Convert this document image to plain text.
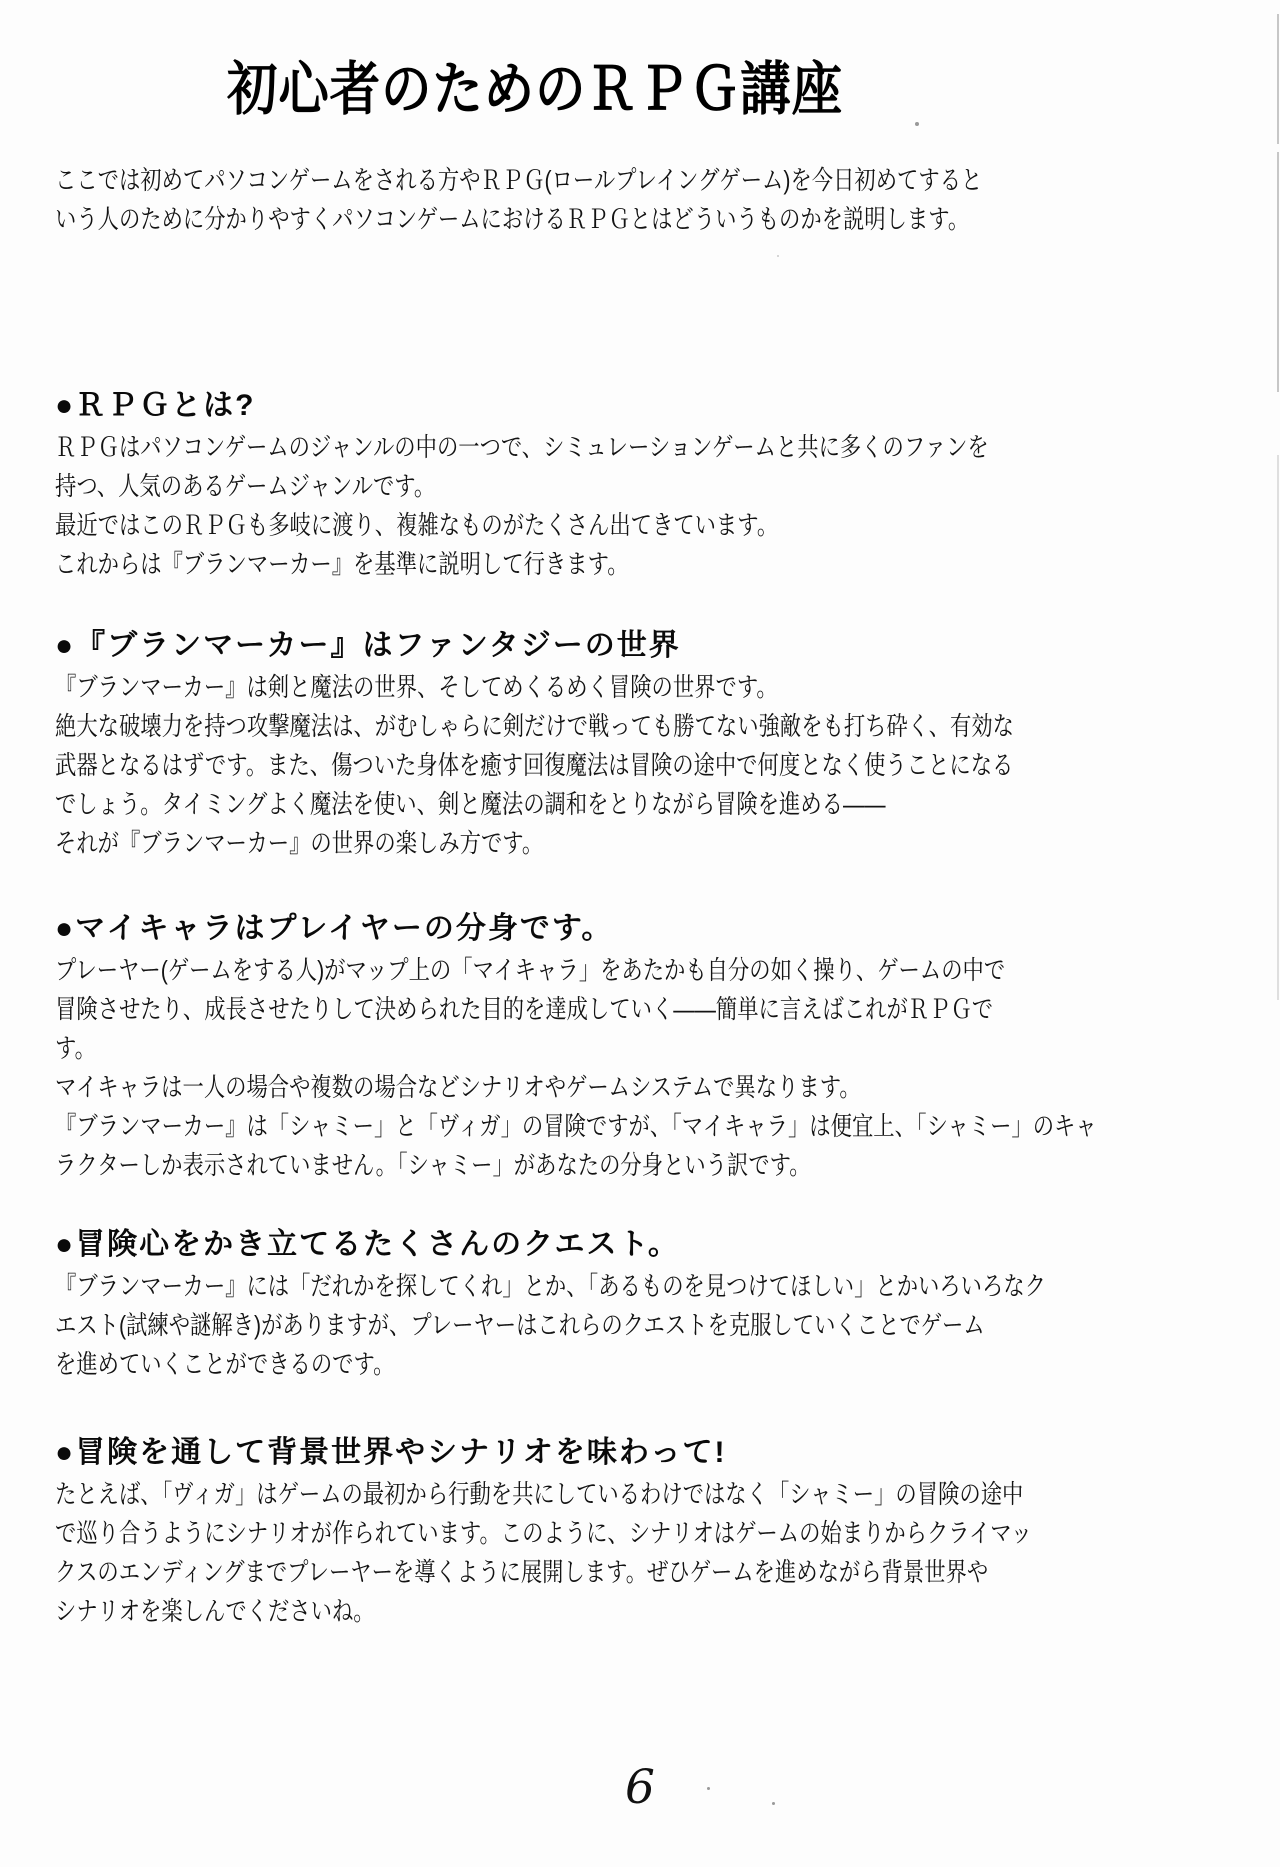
初心者のためのＲＰＧ講座
ここでは初めてパソコンゲームをされる方やＲＰＧ(ロールプレイングゲーム)を今日初めてすると
いう人のために分かりやすくパソコンゲームにおけるＲＰＧとはどういうものかを説明します。
●ＲＰＧとは?
ＲＰＧはパソコンゲームのジャンルの中の一つで、シミュレーションゲームと共に多くのファンを
持つ、人気のあるゲームジャンルです。
最近ではこのＲＰＧも多岐に渡り、複雑なものがたくさん出てきています。
これからは『ブランマーカー』を基準に説明して行きます。
●『ブランマーカー』はファンタジーの世界
『ブランマーカー』は剣と魔法の世界、そしてめくるめく冒険の世界です。
絶大な破壊力を持つ攻撃魔法は、がむしゃらに剣だけで戦っても勝てない強敵をも打ち砕く、有効な
武器となるはずです。また、傷ついた身体を癒す回復魔法は冒険の途中で何度となく使うことになる
でしょう。タイミングよく魔法を使い、剣と魔法の調和をとりながら冒険を進める――
それが『ブランマーカー』の世界の楽しみ方です。
●マイキャラはプレイヤーの分身です。
プレーヤー(ゲームをする人)がマップ上の「マイキャラ」をあたかも自分の如く操り、ゲームの中で
冒険させたり、成長させたりして決められた目的を達成していく――簡単に言えばこれがＲＰＧで
す。
マイキャラは一人の場合や複数の場合などシナリオやゲームシステムで異なります。
『ブランマーカー』は「シャミー」と「ヴィガ」の冒険ですが、「マイキャラ」は便宜上、「シャミー」のキャ
ラクターしか表示されていません。「シャミー」があなたの分身という訳です。
●冒険心をかき立てるたくさんのクエスト。
『ブランマーカー』には「だれかを探してくれ」とか、「あるものを見つけてほしい」とかいろいろなク
エスト(試練や謎解き)がありますが、プレーヤーはこれらのクエストを克服していくことでゲーム
を進めていくことができるのです。
●冒険を通して背景世界やシナリオを味わって!
たとえば、「ヴィガ」はゲームの最初から行動を共にしているわけではなく「シャミー」の冒険の途中
で巡り合うようにシナリオが作られています。このように、シナリオはゲームの始まりからクライマッ
クスのエンディングまでプレーヤーを導くように展開します。ぜひゲームを進めながら背景世界や
シナリオを楽しんでくださいね。
6
